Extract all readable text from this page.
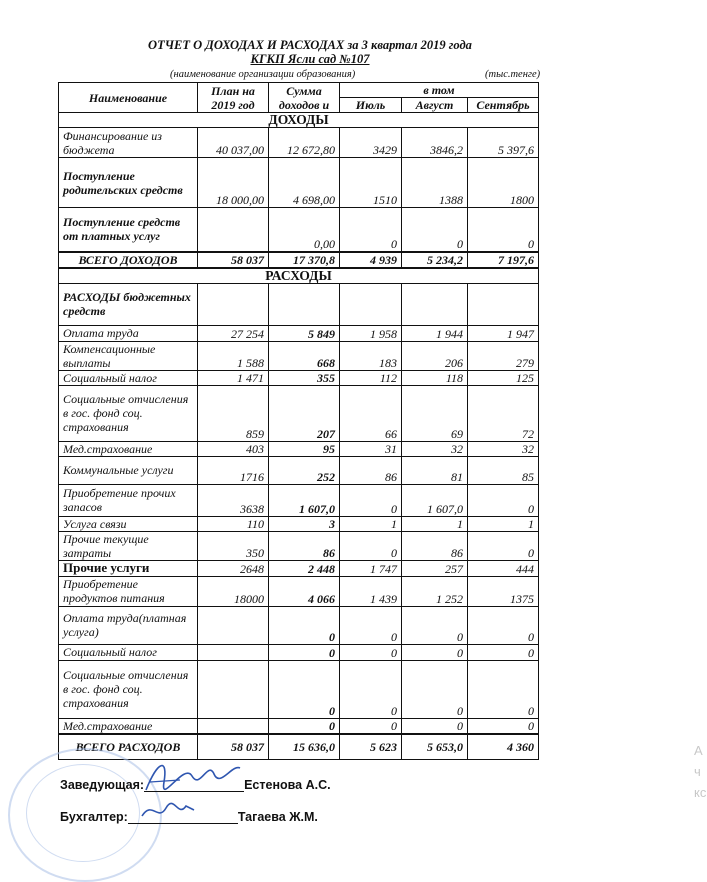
ОТЧЕТ О ДОХОДАХ И РАСХОДАХ за 3 квартал 2019 года
КГКП Ясли сад №107
(наименование организации образования)	(тыс.тенге)
Наименование	План на 2019 год	Сумма доходов и	в том		
			Июль	Август	Сентябрь
ДОХОДЫ					
Финансирование из бюджета	40 037,00	12 672,80	3429	3846,2	5 397,6
Поступление родительских средств	18 000,00	4 698,00	1510	1388	1800
Поступление средств от платных услуг		0,00	0	0	0
ВСЕГО ДОХОДОВ	58 037	17 370,8	4 939	5 234,2	7 197,6
РАСХОДЫ					
РАСХОДЫ бюджетных средств					
Оплата труда	27 254	5 849	1 958	1 944	1 947
Компенсационные выплаты	1 588	668	183	206	279
Социальный налог	1 471	355	112	118	125
Социальные отчисления в гос. фонд соц. страхования	859	207	66	69	72
Мед.страхование	403	95	31	32	32
Коммунальные услуги	1716	252	86	81	85
Приобретение прочих запасов	3638	1 607,0	0	1 607,0	0
Услуга связи	110	3	1	1	1
Прочие текущие затраты	350	86	0	86	0
Прочие услуги	2648	2 448	1 747	257	444
Приобретение продуктов питания	18000	4 066	1 439	1 252	1375
Оплата труда(платная услуга)		0	0	0	0
Социальный налог		0	0	0	0
Социальные отчисления в гос. фонд соц. страхования		0	0	0	0
Мед.страхование		0	0	0	0
ВСЕГО РАСХОДОВ	58 037	15 636,0	5 623	5 653,0	4 360
Заведующая:	Естенова А.С.
Бухгалтер:	Тагаева Ж.М.
A
ч
кс
